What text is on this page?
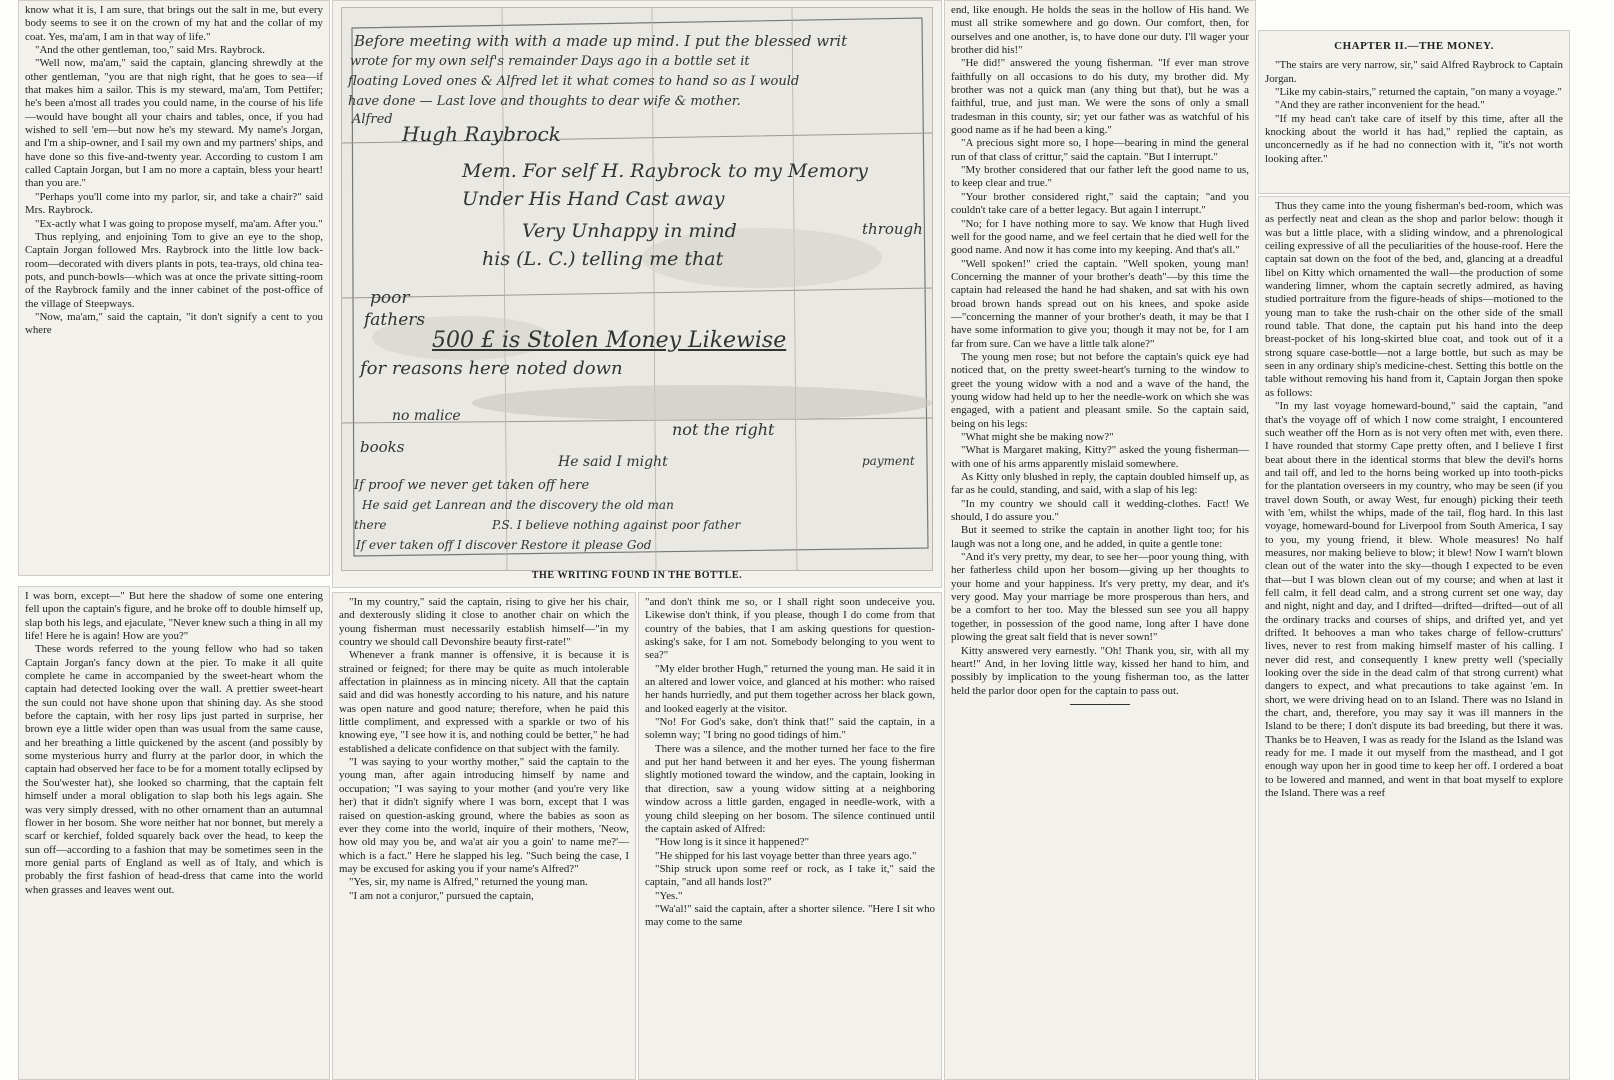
know what it is, I am sure, that brings out the salt in me, but every body seems to see it on the crown of my hat and the collar of my coat. Yes, ma'am, I am in that way of life."

"And the other gentleman, too," said Mrs. Raybrock.

"Well now, ma'am," said the captain, glancing shrewdly at the other gentleman, "you are that nigh right, that he goes to sea—if that makes him a sailor. This is my steward, ma'am, Tom Pettifer; he's been a'most all trades you could name, in the course of his life—would have bought all your chairs and tables, once, if you had wished to sell 'em—but now he's my steward. My name's Jorgan, and I'm a ship-owner, and I sail my own and my partners' ships, and have done so this five-and-twenty year. According to custom I am called Captain Jorgan, but I am no more a captain, bless your heart! than you are."

"Perhaps you'll come into my parlor, sir, and take a chair?" said Mrs. Raybrock.

"Ex-actly what I was going to propose myself, ma'am. After you."

Thus replying, and enjoining Tom to give an eye to the shop, Captain Jorgan followed Mrs. Raybrock into the little low back-room—decorated with divers plants in pots, tea-trays, old china tea-pots, and punch-bowls—which was at once the private sitting-room of the Raybrock family and the inner cabinet of the post-office of the village of Steepways.

"Now, ma'am," said the captain, "it don't signify a cent to you where

Before meeting with with a made up mind. I put the blessed writ
wrote for my own self's remainder Days ago in a bottle set it
floating Loved ones & Alfred let it what comes to hand so as I would
have done — Last love and thoughts to dear wife & mother.
Alfred
Hugh Raybrock
Mem. For self H. Raybrock to my Memory
Under His Hand Cast away
Very Unhappy in mind	through
his (L. C.) telling me that
poor
fathers
500 £ is Stolen Money Likewise
for reasons here noted down
no malice
not the right
books
He said I might	payment
If proof we never get taken off here
He said get Lanrean and the discovery the old man
there	P.S. I believe nothing against poor father
If ever taken off I discover Restore it please God
THE WRITING FOUND IN THE BOTTLE.

I was born, except—" But here the shadow of some one entering fell upon the captain's figure, and he broke off to double himself up, slap both his legs, and ejaculate, "Never knew such a thing in all my life! Here he is again! How are you?"

These words referred to the young fellow who had so taken Captain Jorgan's fancy down at the pier. To make it all quite complete he came in accompanied by the sweet-heart whom the captain had detected looking over the wall. A prettier sweet-heart the sun could not have shone upon that shining day. As she stood before the captain, with her rosy lips just parted in surprise, her brown eye a little wider open than was usual from the same cause, and her breathing a little quickened by the ascent (and possibly by some mysterious hurry and flurry at the parlor door, in which the captain had observed her face to be for a moment totally eclipsed by the Sou'wester hat), she looked so charming, that the captain felt himself under a moral obligation to slap both his legs again. She was very simply dressed, with no other ornament than an autumnal flower in her bosom. She wore neither hat nor bonnet, but merely a scarf or kerchief, folded squarely back over the head, to keep the sun off—according to a fashion that may be sometimes seen in the more genial parts of England as well as of Italy, and which is probably the first fashion of head-dress that came into the world when grasses and leaves went out.

"In my country," said the captain, rising to give her his chair, and dexterously sliding it close to another chair on which the young fisherman must necessarily establish himself—"in my country we should call Devonshire beauty first-rate!"

Whenever a frank manner is offensive, it is because it is strained or feigned; for there may be quite as much intolerable affectation in plainness as in mincing nicety. All that the captain said and did was honestly according to his nature, and his nature was open nature and good nature; therefore, when he paid this little compliment, and expressed with a sparkle or two of his knowing eye, "I see how it is, and nothing could be better," he had established a delicate confidence on that subject with the family.

"I was saying to your worthy mother," said the captain to the young man, after again introducing himself by name and occupation; "I was saying to your mother (and you're very like her) that it didn't signify where I was born, except that I was raised on question-asking ground, where the babies as soon as ever they come into the world, inquire of their mothers, 'Neow, how old may you be, and wa'at air you a goin' to name me?'—which is a fact." Here he slapped his leg. "Such being the case, I may be excused for asking you if your name's Alfred?"

"Yes, sir, my name is Alfred," returned the young man.

"I am not a conjuror," pursued the captain,

"and don't think me so, or I shall right soon undeceive you. Likewise don't think, if you please, though I do come from that country of the babies, that I am asking questions for question-asking's sake, for I am not. Somebody belonging to you went to sea?"

"My elder brother Hugh," returned the young man. He said it in an altered and lower voice, and glanced at his mother: who raised her hands hurriedly, and put them together across her black gown, and looked eagerly at the visitor.

"No! For God's sake, don't think that!" said the captain, in a solemn way; "I bring no good tidings of him."

There was a silence, and the mother turned her face to the fire and put her hand between it and her eyes. The young fisherman slightly motioned toward the window, and the captain, looking in that direction, saw a young widow sitting at a neighboring window across a little garden, engaged in needle-work, with a young child sleeping on her bosom. The silence continued until the captain asked of Alfred:

"How long is it since it happened?"

"He shipped for his last voyage better than three years ago."

"Ship struck upon some reef or rock, as I take it," said the captain, "and all hands lost?"

"Yes."

"Wa'al!" said the captain, after a shorter silence. "Here I sit who may come to the same

end, like enough. He holds the seas in the hollow of His hand. We must all strike somewhere and go down. Our comfort, then, for ourselves and one another, is, to have done our duty. I'll wager your brother did his!"

"He did!" answered the young fisherman. "If ever man strove faithfully on all occasions to do his duty, my brother did. My brother was not a quick man (any thing but that), but he was a faithful, true, and just man. We were the sons of only a small tradesman in this county, sir; yet our father was as watchful of his good name as if he had been a king."

"A precious sight more so, I hope—bearing in mind the general run of that class of crittur," said the captain. "But I interrupt."

"My brother considered that our father left the good name to us, to keep clear and true."

"Your brother considered right," said the captain; "and you couldn't take care of a better legacy. But again I interrupt."

"No; for I have nothing more to say. We know that Hugh lived well for the good name, and we feel certain that he died well for the good name. And now it has come into my keeping. And that's all."

"Well spoken!" cried the captain. "Well spoken, young man! Concerning the manner of your brother's death"—by this time the captain had released the hand he had shaken, and sat with his own broad brown hands spread out on his knees, and spoke aside—"concerning the manner of your brother's death, it may be that I have some information to give you; though it may not be, for I am far from sure. Can we have a little talk alone?"

The young men rose; but not before the captain's quick eye had noticed that, on the pretty sweet-heart's turning to the window to greet the young widow with a nod and a wave of the hand, the young widow had held up to her the needle-work on which she was engaged, with a patient and pleasant smile. So the captain said, being on his legs:

"What might she be making now?"

"What is Margaret making, Kitty?" asked the young fisherman—with one of his arms apparently mislaid somewhere.

As Kitty only blushed in reply, the captain doubled himself up, as far as he could, standing, and said, with a slap of his leg:

"In my country we should call it wedding-clothes. Fact! We should, I do assure you."

But it seemed to strike the captain in another light too; for his laugh was not a long one, and he added, in quite a gentle tone:

"And it's very pretty, my dear, to see her—poor young thing, with her fatherless child upon her bosom—giving up her thoughts to your home and your happiness. It's very pretty, my dear, and it's very good. May your marriage be more prosperous than hers, and be a comfort to her too. May the blessed sun see you all happy together, in possession of the good name, long after I have done plowing the great salt field that is never sown!"

Kitty answered very earnestly. "Oh! Thank you, sir, with all my heart!" And, in her loving little way, kissed her hand to him, and possibly by implication to the young fisherman too, as the latter held the parlor door open for the captain to pass out.

CHAPTER II.—THE MONEY.

"The stairs are very narrow, sir," said Alfred Raybrock to Captain Jorgan.

"Like my cabin-stairs," returned the captain, "on many a voyage."

"And they are rather inconvenient for the head."

"If my head can't take care of itself by this time, after all the knocking about the world it has had," replied the captain, as unconcernedly as if he had no connection with it, "it's not worth looking after."

Thus they came into the young fisherman's bed-room, which was as perfectly neat and clean as the shop and parlor below: though it was but a little place, with a sliding window, and a phrenological ceiling expressive of all the peculiarities of the house-roof. Here the captain sat down on the foot of the bed, and, glancing at a dreadful libel on Kitty which ornamented the wall—the production of some wandering limner, whom the captain secretly admired, as having studied portraiture from the figure-heads of ships—motioned to the young man to take the rush-chair on the other side of the small round table. That done, the captain put his hand into the deep breast-pocket of his long-skirted blue coat, and took out of it a strong square case-bottle—not a large bottle, but such as may be seen in any ordinary ship's medicine-chest. Setting this bottle on the table without removing his hand from it, Captain Jorgan then spoke as follows:

"In my last voyage homeward-bound," said the captain, "and that's the voyage off of which I now come straight, I encountered such weather off the Horn as is not very often met with, even there. I have rounded that stormy Cape pretty often, and I believe I first beat about there in the identical storms that blew the devil's horns and tail off, and led to the horns being worked up into tooth-picks for the plantation overseers in my country, who may be seen (if you travel down South, or away West, fur enough) picking their teeth with 'em, whilst the whips, made of the tail, flog hard. In this last voyage, homeward-bound for Liverpool from South America, I say to you, my young friend, it blew. Whole measures! No half measures, nor making believe to blow; it blew! Now I warn't blown clean out of the water into the sky—though I expected to be even that—but I was blown clean out of my course; and when at last it fell calm, it fell dead calm, and a strong current set one way, day and night, night and day, and I drifted—drifted—drifted—out of all the ordinary tracks and courses of ships, and drifted yet, and yet drifted. It behooves a man who takes charge of fellow-crutturs' lives, never to rest from making himself master of his calling. I never did rest, and consequently I knew pretty well ('specially looking over the side in the dead calm of that strong current) what dangers to expect, and what precautions to take against 'em. In short, we were driving head on to an Island. There was no Island in the chart, and, therefore, you may say it was ill manners in the Island to be there; I don't dispute its bad breeding, but there it was. Thanks be to Heaven, I was as ready for the Island as the Island was ready for me. I made it out myself from the masthead, and I got enough way upon her in good time to keep her off. I ordered a boat to be lowered and manned, and went in that boat myself to explore the Island. There was a reef
